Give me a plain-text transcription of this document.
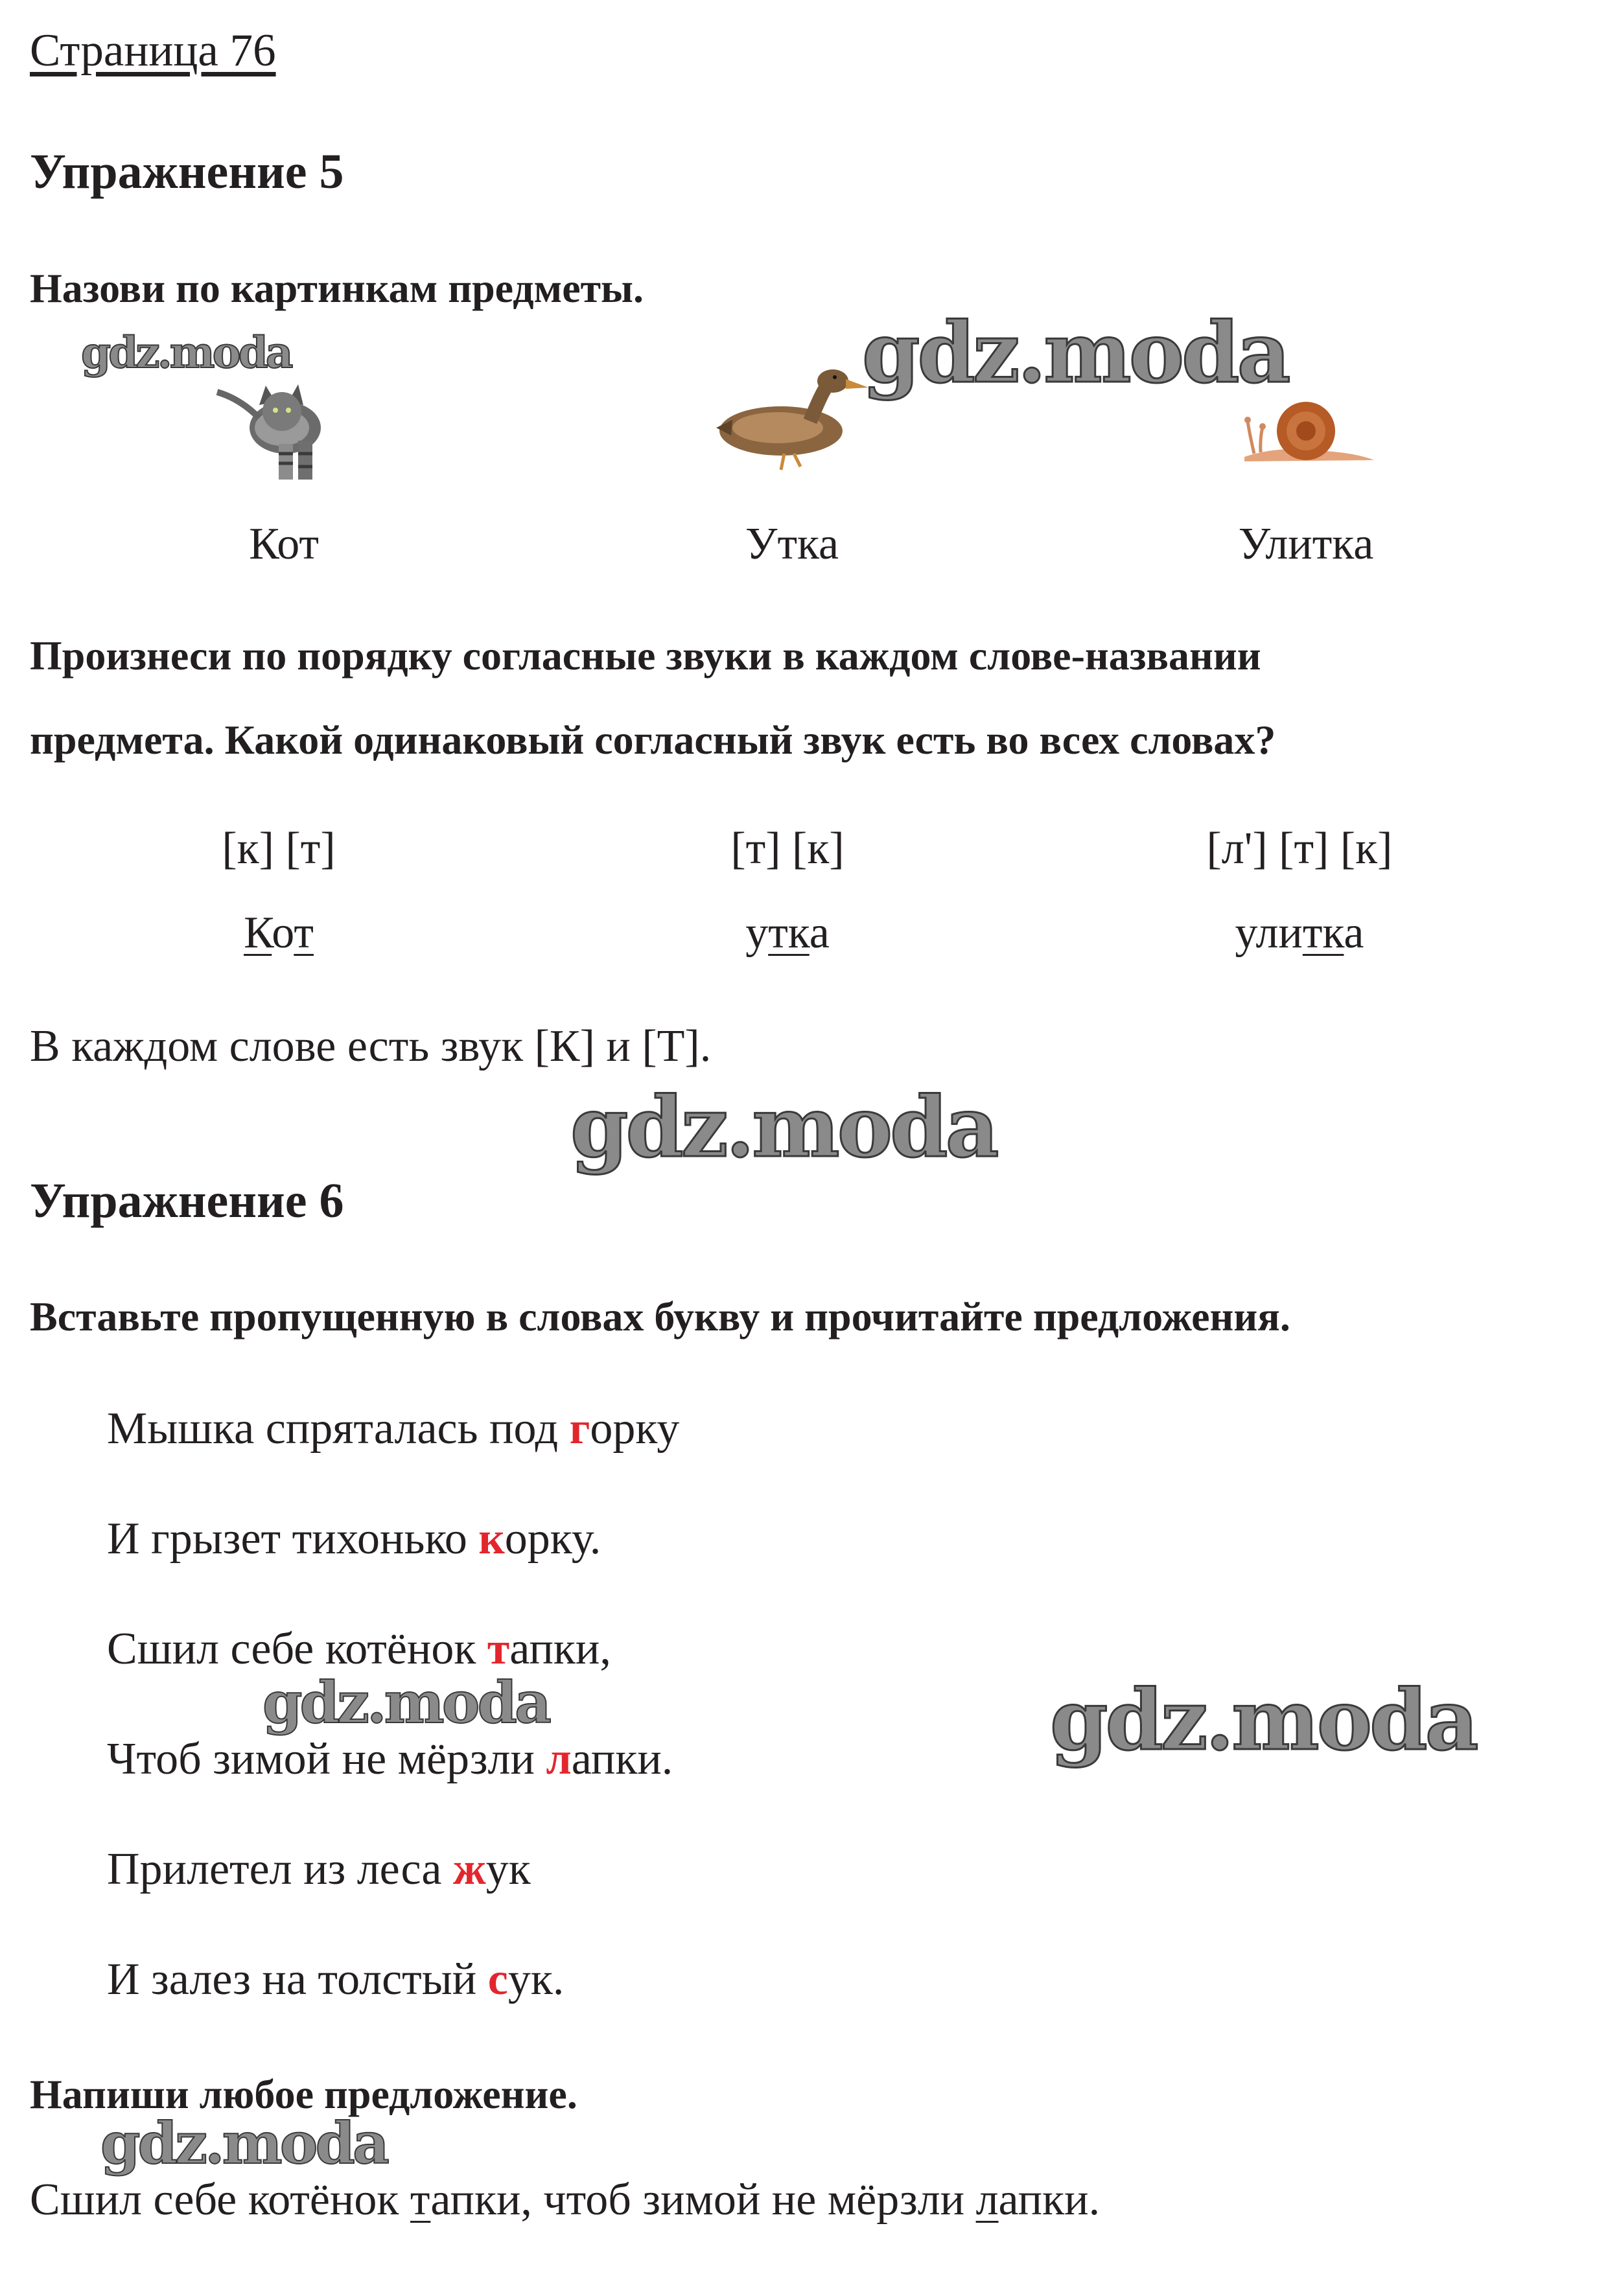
Страница 76
Упражнение 5
Назови по картинкам предметы.
gdz.moda	gdz.moda
Кот	Утка	Улитка
Произнеси по порядку согласные звуки в каждом слове-названии
предмета. Какой одинаковый согласный звук есть во всех словах?
[к] [т]	[т] [к]	[л'] [т] [к]
Кот	утка	улитка
В каждом слове есть звук [К] и [Т].
gdz.moda
Упражнение 6
Вставьте пропущенную в словах букву и прочитайте предложения.
Мышка спряталась под горку
И грызет тихонько корку.
Сшил себе котёнок тапки,
gdz.moda	gdz.moda
Чтоб зимой не мёрзли лапки.
Прилетел из леса жук
И залез на толстый сук.
Напиши любое предложение.
gdz.moda
Сшил себе котёнок тапки, чтоб зимой не мёрзли лапки.
